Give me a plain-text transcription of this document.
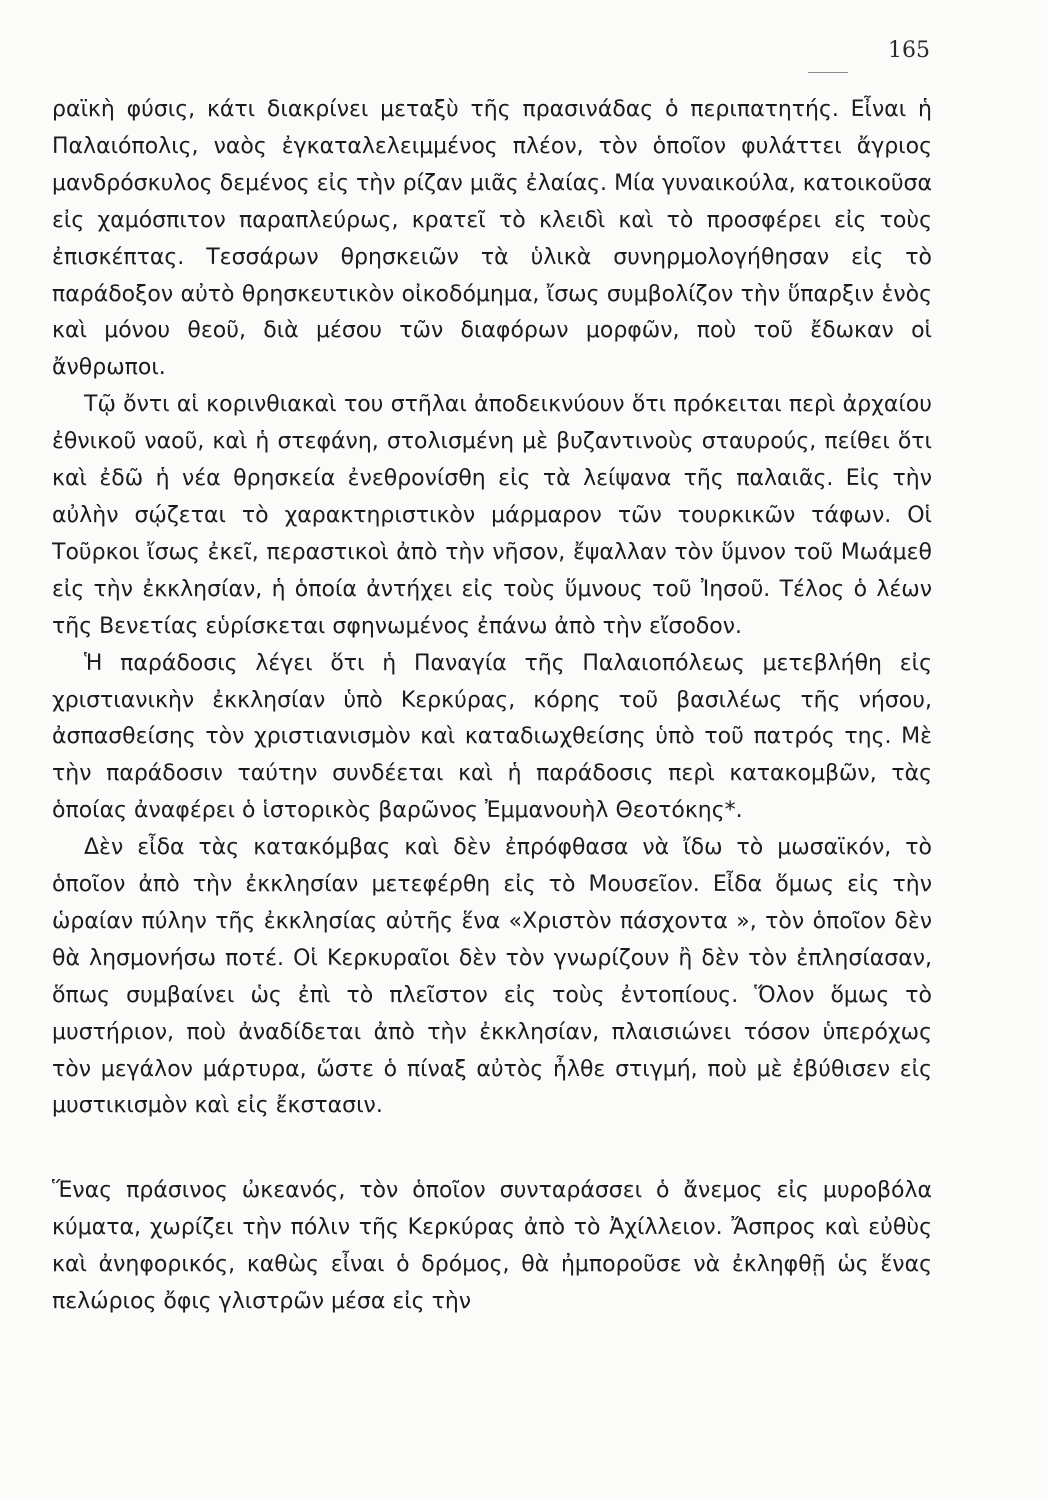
165

ραϊκὴ φύσις, κάτι διακρίνει μεταξὺ τῆς πρασινάδας ὁ περιπατητής. Εἶναι ἡ Παλαιόπολις, ναὸς ἐγκαταλελειμμένος πλέον, τὸν ὁποῖον φυλάττει ἄγριος μανδρόσκυλος δεμένος εἰς τὴν ρίζαν μιᾶς ἐλαίας. Μία γυναικούλα, κατοικοῦσα εἰς χαμόσπιτον παραπλεύρως, κρατεῖ τὸ κλειδὶ καὶ τὸ προσφέρει εἰς τοὺς ἐπισκέπτας. Τεσσάρων θρησκειῶν τὰ ὑλικὰ συνηρμολογήθησαν εἰς τὸ παράδοξον αὐτὸ θρησκευτικὸν οἰκοδόμημα, ἴσως συμβολίζον τὴν ὕπαρξιν ἑνὸς καὶ μόνου θεοῦ, διὰ μέσου τῶν διαφόρων μορφῶν, ποὺ τοῦ ἔδωκαν οἱ ἄνθρωποι.

Τῷ ὄντι αἱ κορινθιακαὶ του στῆλαι ἀποδεικνύουν ὅτι πρόκειται περὶ ἀρχαίου ἐθνικοῦ ναοῦ, καὶ ἡ στεφάνη, στολισμένη μὲ βυζαντινοὺς σταυρούς, πείθει ὅτι καὶ ἐδῶ ἡ νέα θρησκεία ἐνεθρονίσθη εἰς τὰ λείψανα τῆς παλαιᾶς. Εἰς τὴν αὐλὴν σῴζεται τὸ χαρακτηριστικὸν μάρμαρον τῶν τουρκικῶν τάφων. Οἱ Τοῦρκοι ἴσως ἐκεῖ, περαστικοὶ ἀπὸ τὴν νῆσον, ἔψαλλαν τὸν ὕμνον τοῦ Μωάμεθ εἰς τὴν ἐκκλησίαν, ἡ ὁποία ἀντήχει εἰς τοὺς ὕμνους τοῦ Ἰησοῦ. Τέλος ὁ λέων τῆς Βενετίας εὑρίσκεται σφηνωμένος ἐπάνω ἀπὸ τὴν εἴσοδον.

Ἡ παράδοσις λέγει ὅτι ἡ Παναγία τῆς Παλαιοπόλεως μετεβλήθη εἰς χριστιανικὴν ἐκκλησίαν ὑπὸ Κερκύρας, κόρης τοῦ βασιλέως τῆς νήσου, ἀσπασθείσης τὸν χριστιανισμὸν καὶ καταδιωχθείσης ὑπὸ τοῦ πατρός της. Μὲ τὴν παράδοσιν ταύτην συνδέεται καὶ ἡ παράδοσις περὶ κατακομβῶν, τὰς ὁποίας ἀναφέρει ὁ ἱστορικὸς βαρῶνος Ἐμμανουὴλ Θεοτόκης*.

Δὲν εἶδα τὰς κατακόμβας καὶ δὲν ἐπρόφθασα νὰ ἴδω τὸ μωσαϊκόν, τὸ ὁποῖον ἀπὸ τὴν ἐκκλησίαν μετεφέρθη εἰς τὸ Μουσεῖον. Εἶδα ὅμως εἰς τὴν ὡραίαν πύλην τῆς ἐκκλησίας αὐτῆς ἕνα «Χριστὸν πάσχοντα », τὸν ὁποῖον δὲν θὰ λησμονήσω ποτέ. Οἱ Κερκυραῖοι δὲν τὸν γνωρίζουν ἢ δὲν τὸν ἐπλησίασαν, ὅπως συμβαίνει ὡς ἐπὶ τὸ πλεῖστον εἰς τοὺς ἐντοπίους. Ὅλον ὅμως τὸ μυστήριον, ποὺ ἀναδίδεται ἀπὸ τὴν ἐκκλησίαν, πλαισιώνει τόσον ὑπερόχως τὸν μεγάλον μάρτυρα, ὥστε ὁ πίναξ αὐτὸς ἦλθε στιγμή, ποὺ μὲ ἐβύθισεν εἰς μυστικισμὸν καὶ εἰς ἔκστασιν.

Ἕνας πράσινος ὠκεανός, τὸν ὁποῖον συνταράσσει ὁ ἄνεμος εἰς μυροβόλα κύματα, χωρίζει τὴν πόλιν τῆς Κερκύρας ἀπὸ τὸ Ἀχίλλειον. Ἄσπρος καὶ εὐθὺς καὶ ἀνηφορικός, καθὼς εἶναι ὁ δρόμος, θὰ ἠμποροῦσε νὰ ἐκληφθῇ ὡς ἕνας πελώριος ὄφις γλιστρῶν μέσα εἰς τὴν
